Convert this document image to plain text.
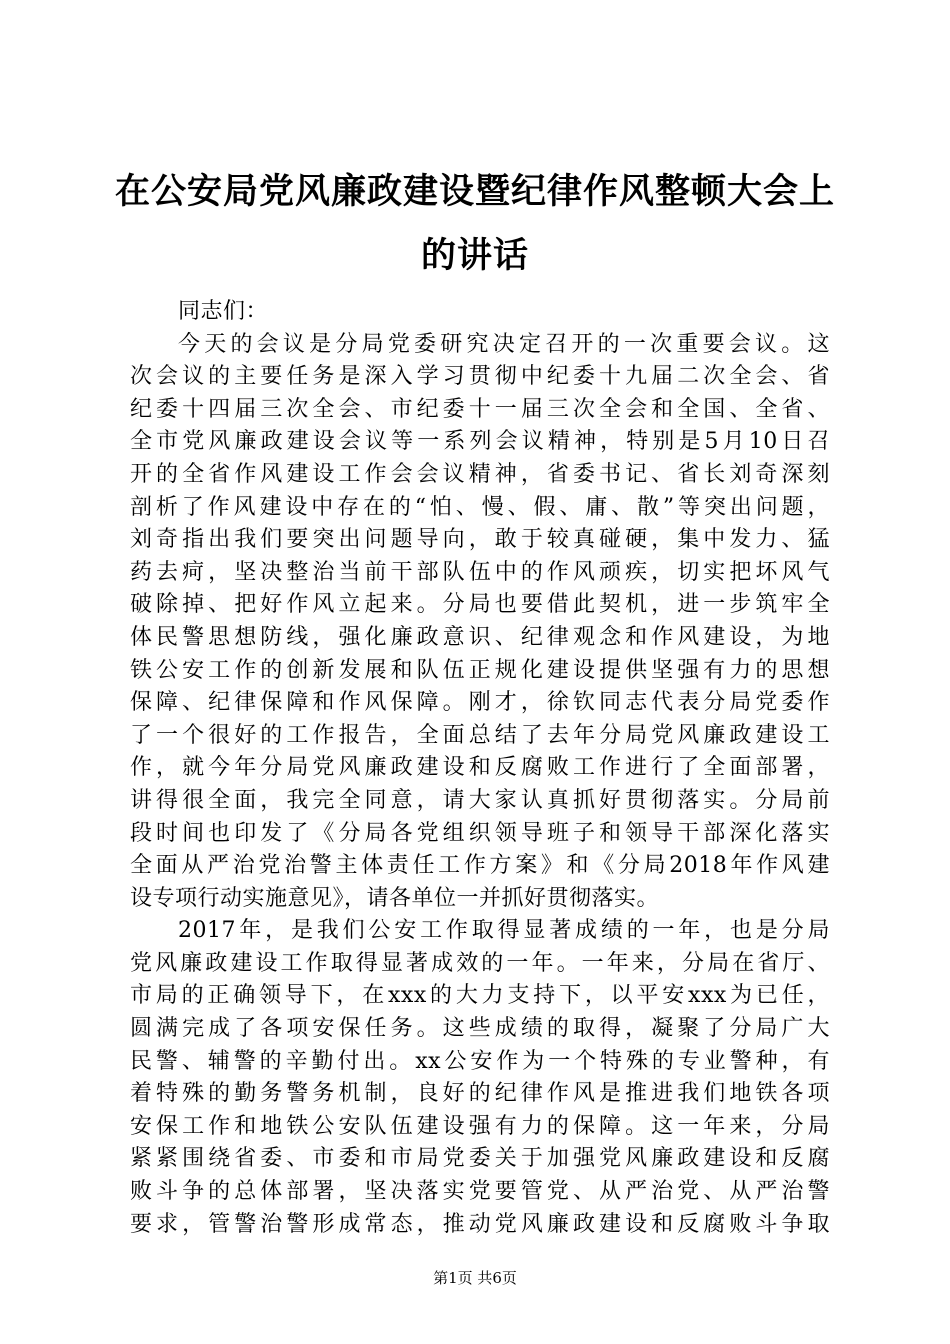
在公安局党风廉政建设暨纪律作风整顿大会上
的讲话
同志们：
今天的会议是分局党委研究决定召开的一次重要会议。这
次会议的主要任务是深入学习贯彻中纪委十九届二次全会、省
纪委十四届三次全会、市纪委十一届三次全会和全国、全省、
全市党风廉政建设会议等一系列会议精神，特别是5月10日召
开的全省作风建设工作会会议精神，省委书记、省长刘奇深刻
剖析了作风建设中存在的“怕、慢、假、庸、散”等突出问题，
刘奇指出我们要突出问题导向，敢于较真碰硬，集中发力、猛
药去疴，坚决整治当前干部队伍中的作风顽疾，切实把坏风气
破除掉、把好作风立起来。分局也要借此契机，进一步筑牢全
体民警思想防线，强化廉政意识、纪律观念和作风建设，为地
铁公安工作的创新发展和队伍正规化建设提供坚强有力的思想
保障、纪律保障和作风保障。刚才，徐钦同志代表分局党委作
了一个很好的工作报告，全面总结了去年分局党风廉政建设工
作，就今年分局党风廉政建设和反腐败工作进行了全面部署，
讲得很全面，我完全同意，请大家认真抓好贯彻落实。分局前
段时间也印发了《分局各党组织领导班子和领导干部深化落实
全面从严治党治警主体责任工作方案》和《分局2018年作风建
设专项行动实施意见》，请各单位一并抓好贯彻落实。
2017年，是我们公安工作取得显著成绩的一年，也是分局
党风廉政建设工作取得显著成效的一年。一年来，分局在省厅、
市局的正确领导下，在xxx的大力支持下，以平安xxx为已任，
圆满完成了各项安保任务。这些成绩的取得，凝聚了分局广大
民警、辅警的辛勤付出。xx公安作为一个特殊的专业警种，有
着特殊的勤务警务机制，良好的纪律作风是推进我们地铁各项
安保工作和地铁公安队伍建设强有力的保障。这一年来，分局
紧紧围绕省委、市委和市局党委关于加强党风廉政建设和反腐
败斗争的总体部署，坚决落实党要管党、从严治党、从严治警
要求，管警治警形成常态，推动党风廉政建设和反腐败斗争取
第1页 共6页
